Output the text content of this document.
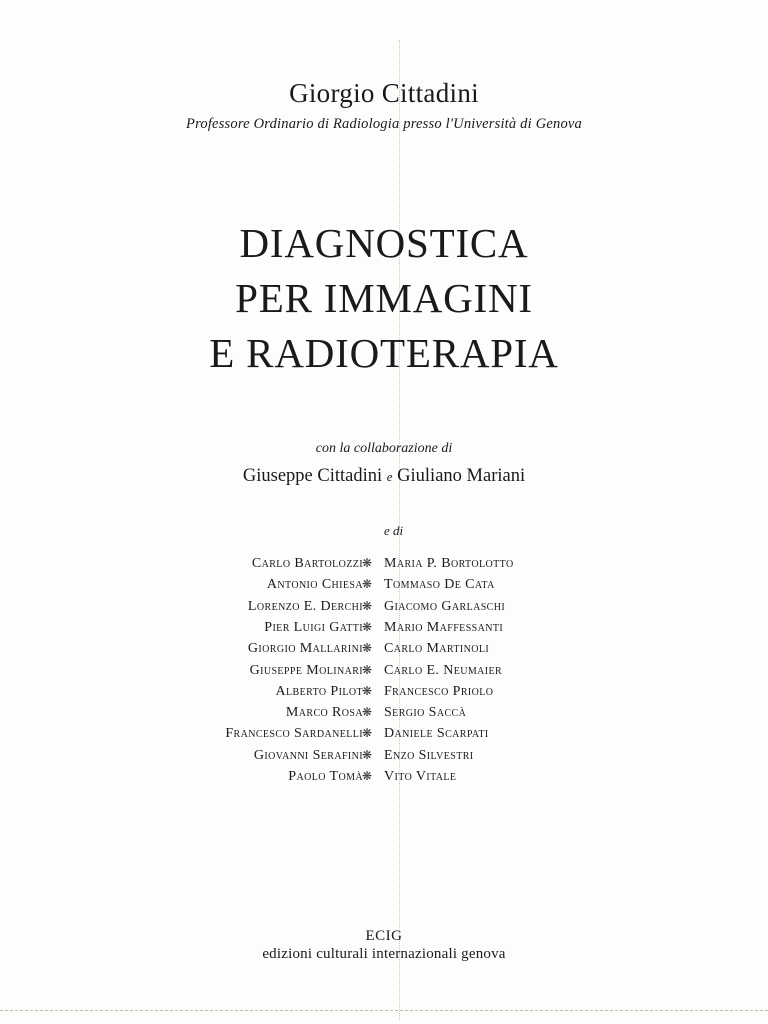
Giorgio Cittadini
Professore Ordinario di Radiologia presso l'Università di Genova
DIAGNOSTICA
PER IMMAGINI
E RADIOTERAPIA
con la collaborazione di
Giuseppe Cittadini e Giuliano Mariani
e di
Carlo Bartolozzi
❋ Maria P. Bortolotto
Antonio Chiesa
❋ Tommaso De Cata
Lorenzo E. Derchi
❋ Giacomo Garlaschi
Pier Luigi Gatti
❋ Mario Maffessanti
Giorgio Mallarini
❋ Carlo Martinoli
Giuseppe Molinari
❋ Carlo E. Neumaier
Alberto Pilot
❋ Francesco Priolo
Marco Rosa
❋ Sergio Saccà
Francesco Sardanelli
❋ Daniele Scarpati
Giovanni Serafini
❋ Enzo Silvestri
Paolo Tomà
❋ Vito Vitale
ECIG
edizioni culturali internazionali genova
